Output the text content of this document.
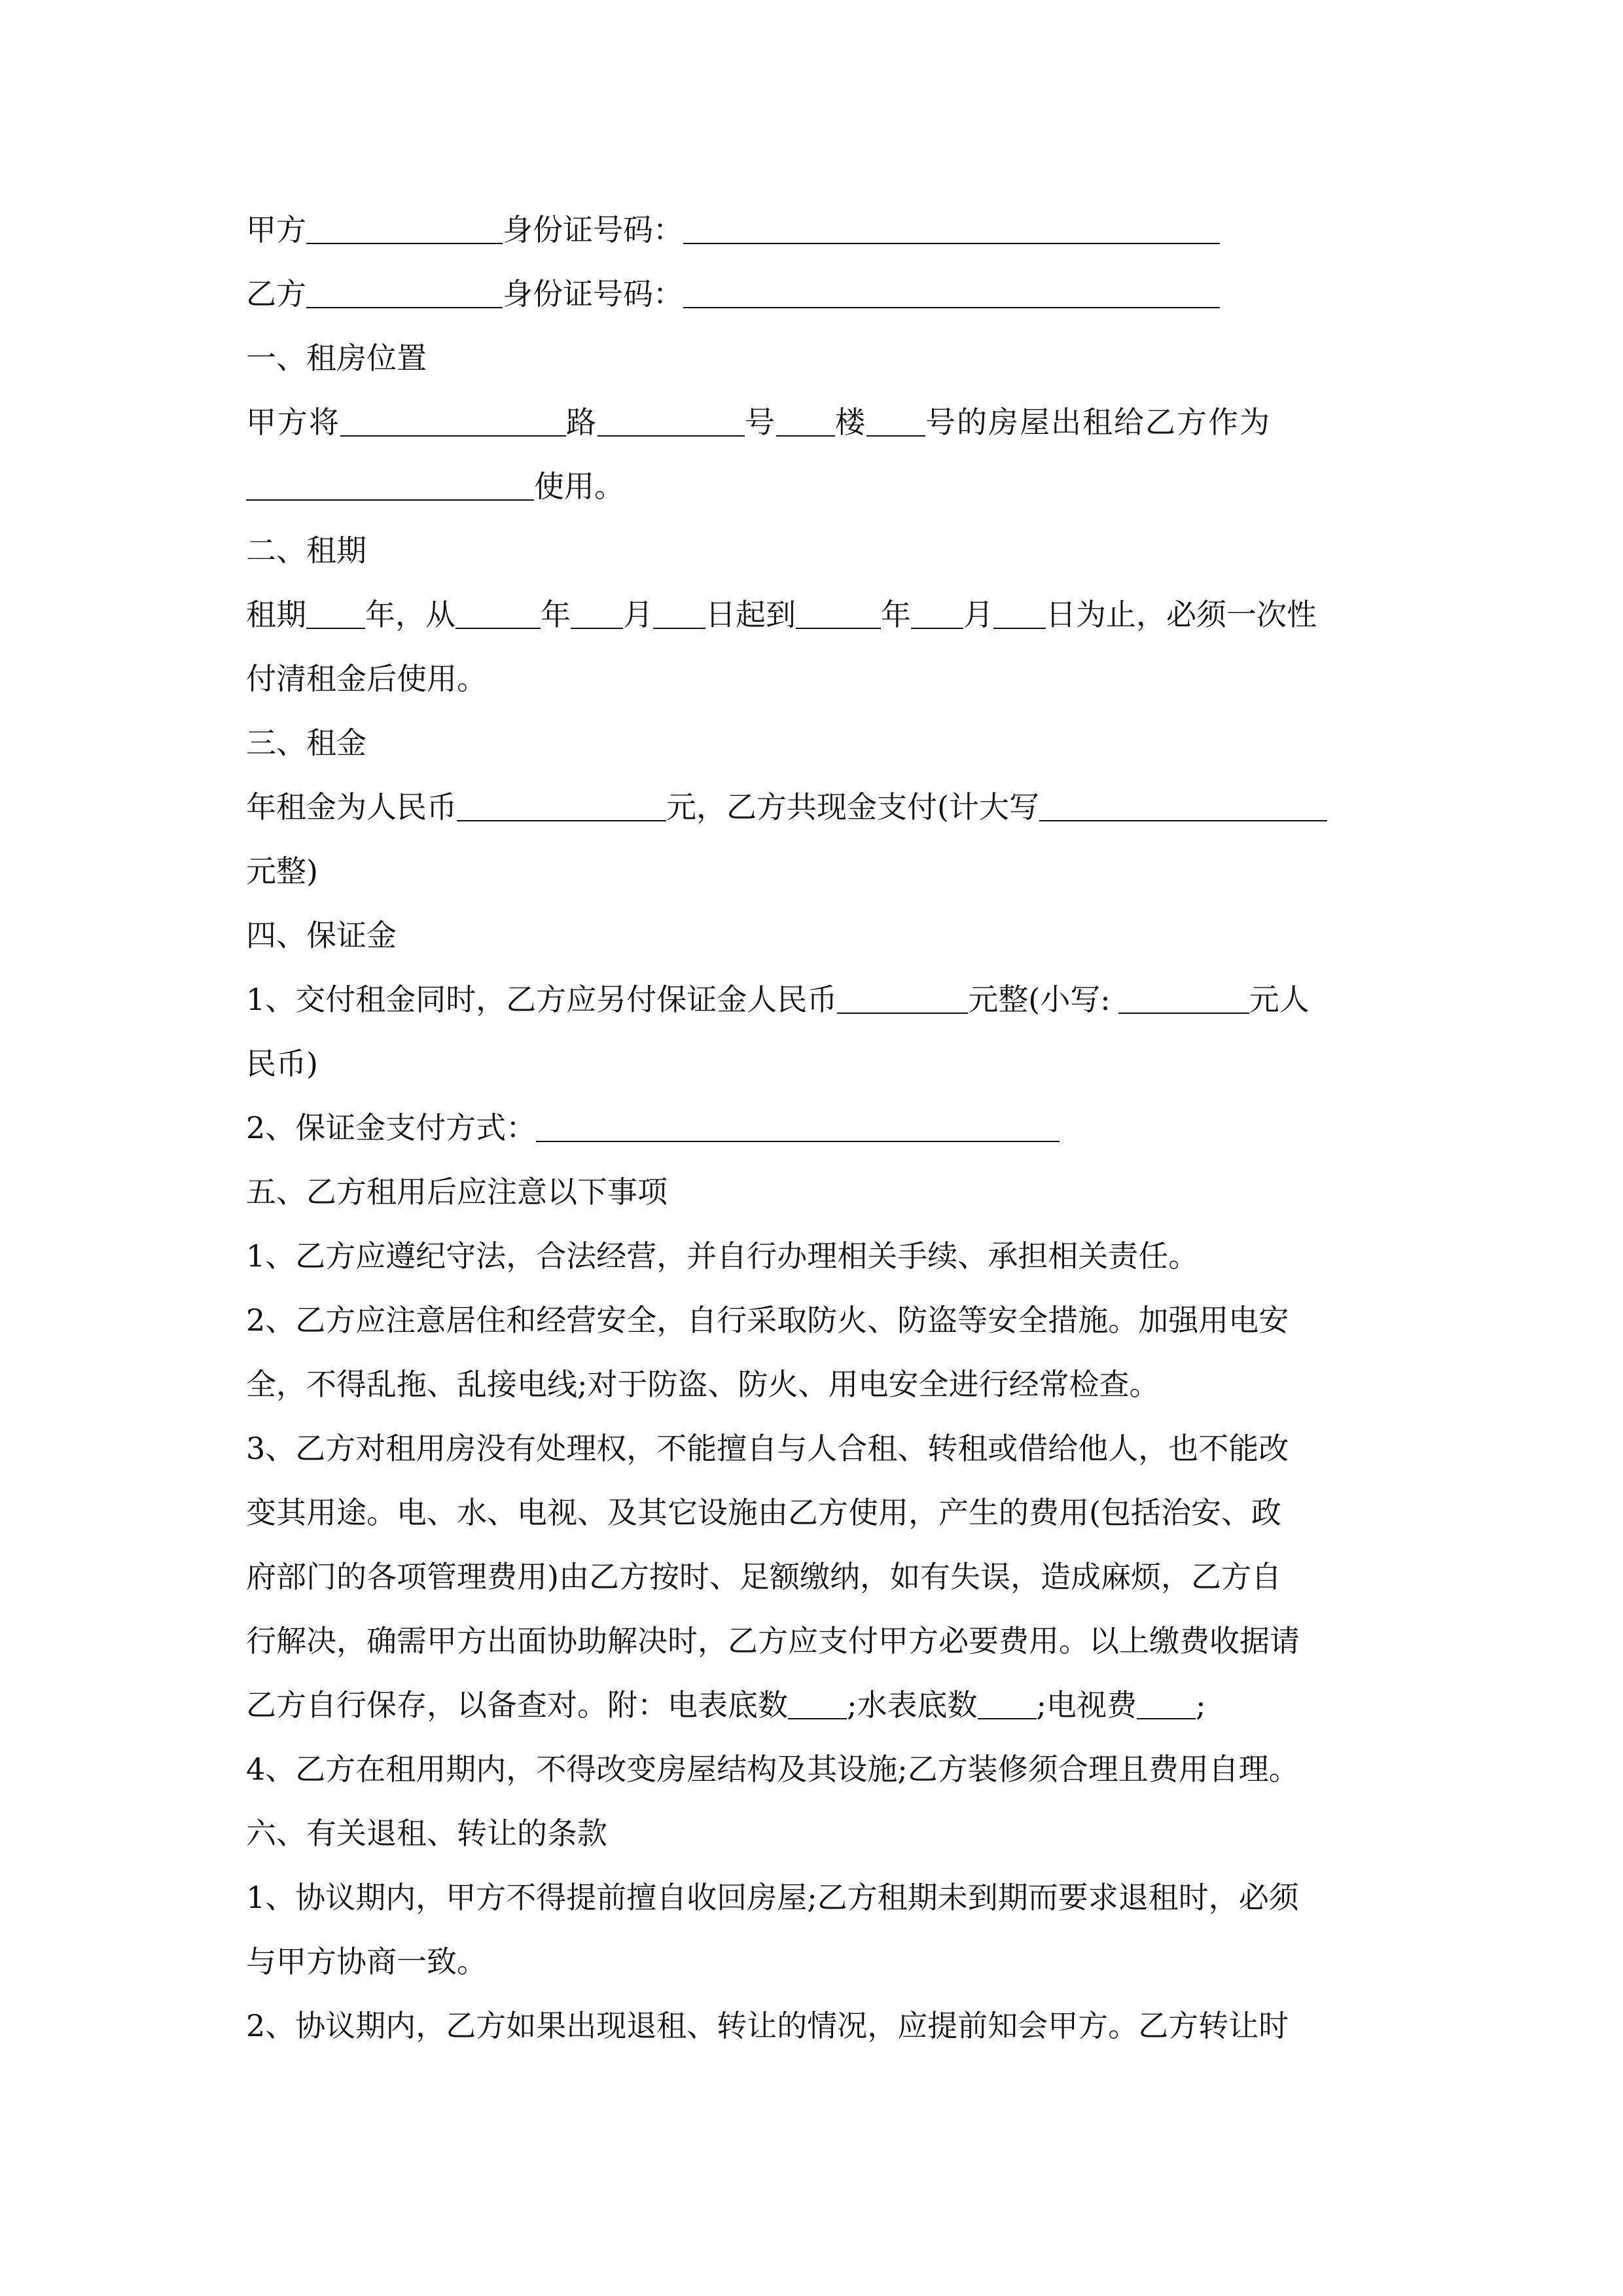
甲方	身份证号码：
乙方	身份证号码：
一、租房位置
甲方将	路	号 楼 号的房屋出租给乙方作为
使用。
二、租期
租期 年，从	年 月 日起到	年 月 日为止，必须一次性
付清租金后使用。
三、租金
年租金为人民币	元，乙方共现金支付(计大写
元整)
四、保证金
1、交付租金同时，乙方应另付保证金人民币	元整(小写:	元人
民币)
2、保证金支付方式：
五、乙方租用后应注意以下事项
1、乙方应遵纪守法，合法经营，并自行办理相关手续、承担相关责任。
2、乙方应注意居住和经营安全，自行采取防火、防盗等安全措施。加强用电安
全，不得乱拖、乱接电线;对于防盗、防火、用电安全进行经常检查。
3、乙方对租用房没有处理权，不能擅自与人合租、转租或借给他人，也不能改
变其用途。电、水、电视、及其它设施由乙方使用，产生的费用(包括治安、政
府部门的各项管理费用)由乙方按时、足额缴纳，如有失误，造成麻烦，乙方自
行解决，确需甲方出面协助解决时，乙方应支付甲方必要费用。以上缴费收据请
乙方自行保存，以备查对。附：电表底数 ;水表底数 ;电视费 ;
4、乙方在租用期内，不得改变房屋结构及其设施;乙方装修须合理且费用自理。
六、有关退租、转让的条款
1、协议期内，甲方不得提前擅自收回房屋;乙方租期未到期而要求退租时，必须
与甲方协商一致。
2、协议期内，乙方如果出现退租、转让的情况，应提前知会甲方。乙方转让时
